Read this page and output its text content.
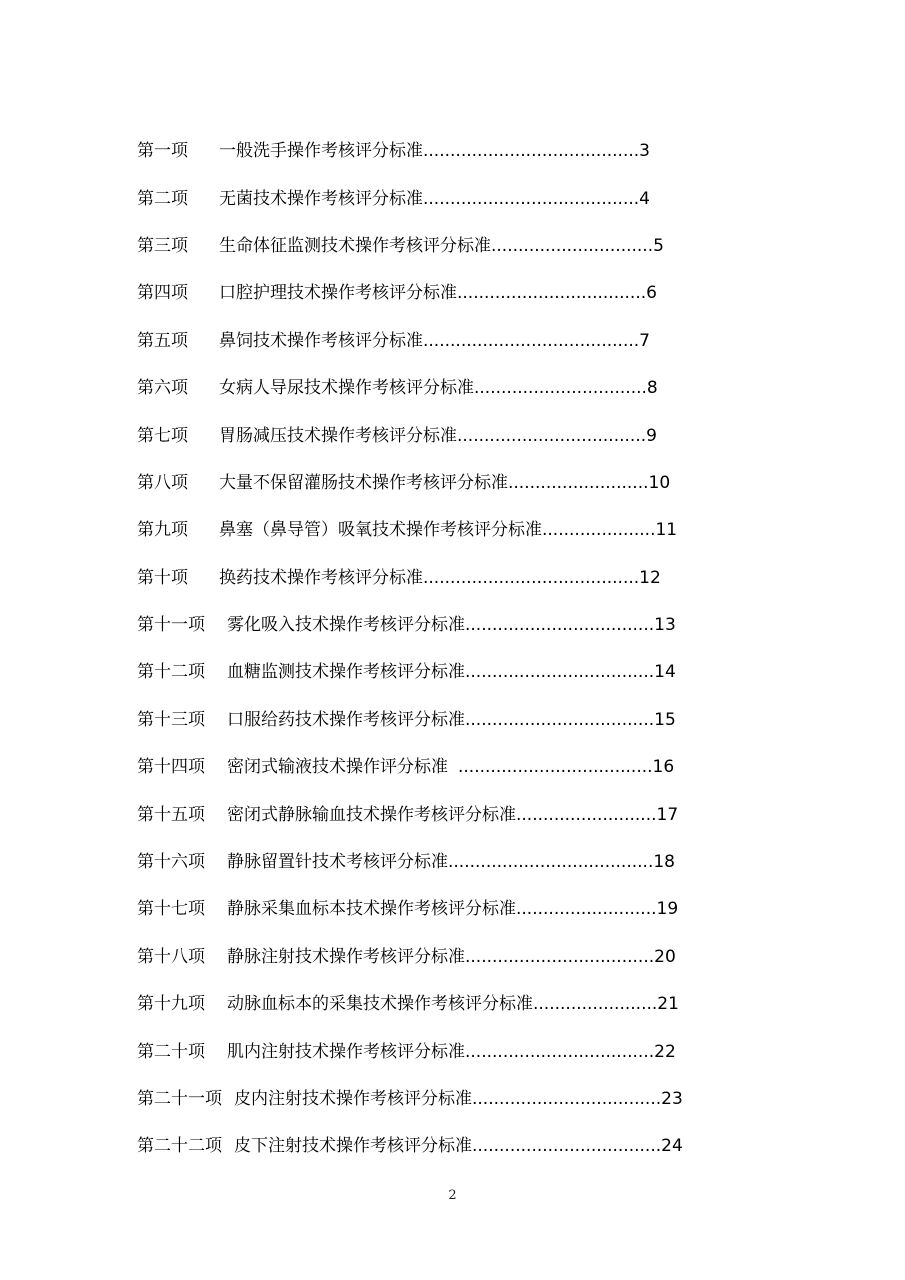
第一项	一般洗手操作考核评分标准 ........................................ 3
第二项	无菌技术操作考核评分标准 ........................................ 4
第三项	生命体征监测技术操作考核评分标准 .............................. 5
第四项	口腔护理技术操作考核评分标准 ................................... 6
第五项	鼻饲技术操作考核评分标准 ........................................ 7
第六项	女病人导尿技术操作考核评分标准 ................................ 8
第七项	胃肠减压技术操作考核评分标准 ................................... 9
第八项	大量不保留灌肠技术操作考核评分标准 .......................... 10
第九项	鼻塞（鼻导管）吸氧技术操作考核评分标准 ..................... 11
第十项	换药技术操作考核评分标准 ........................................ 12
第十一项	雾化吸入技术操作考核评分标准 ................................... 13
第十二项	血糖监测技术操作考核评分标准 ................................... 14
第十三项	口服给药技术操作考核评分标准 ................................... 15
第十四项	密闭式输液技术操作评分标准 .................................... 16
第十五项	密闭式静脉输血技术操作考核评分标准 .......................... 17
第十六项	静脉留置针技术考核评分标准 ...................................... 18
第十七项	静脉采集血标本技术操作考核评分标准 .......................... 19
第十八项	静脉注射技术操作考核评分标准 ................................... 20
第十九项	动脉血标本的采集技术操作考核评分标准 ....................... 21
第二十项	肌内注射技术操作考核评分标准 ................................... 22
第二十一项 皮内注射技术操作考核评分标准 ................................... 23
第二十二项 皮下注射技术操作考核评分标准 ................................... 24
2
